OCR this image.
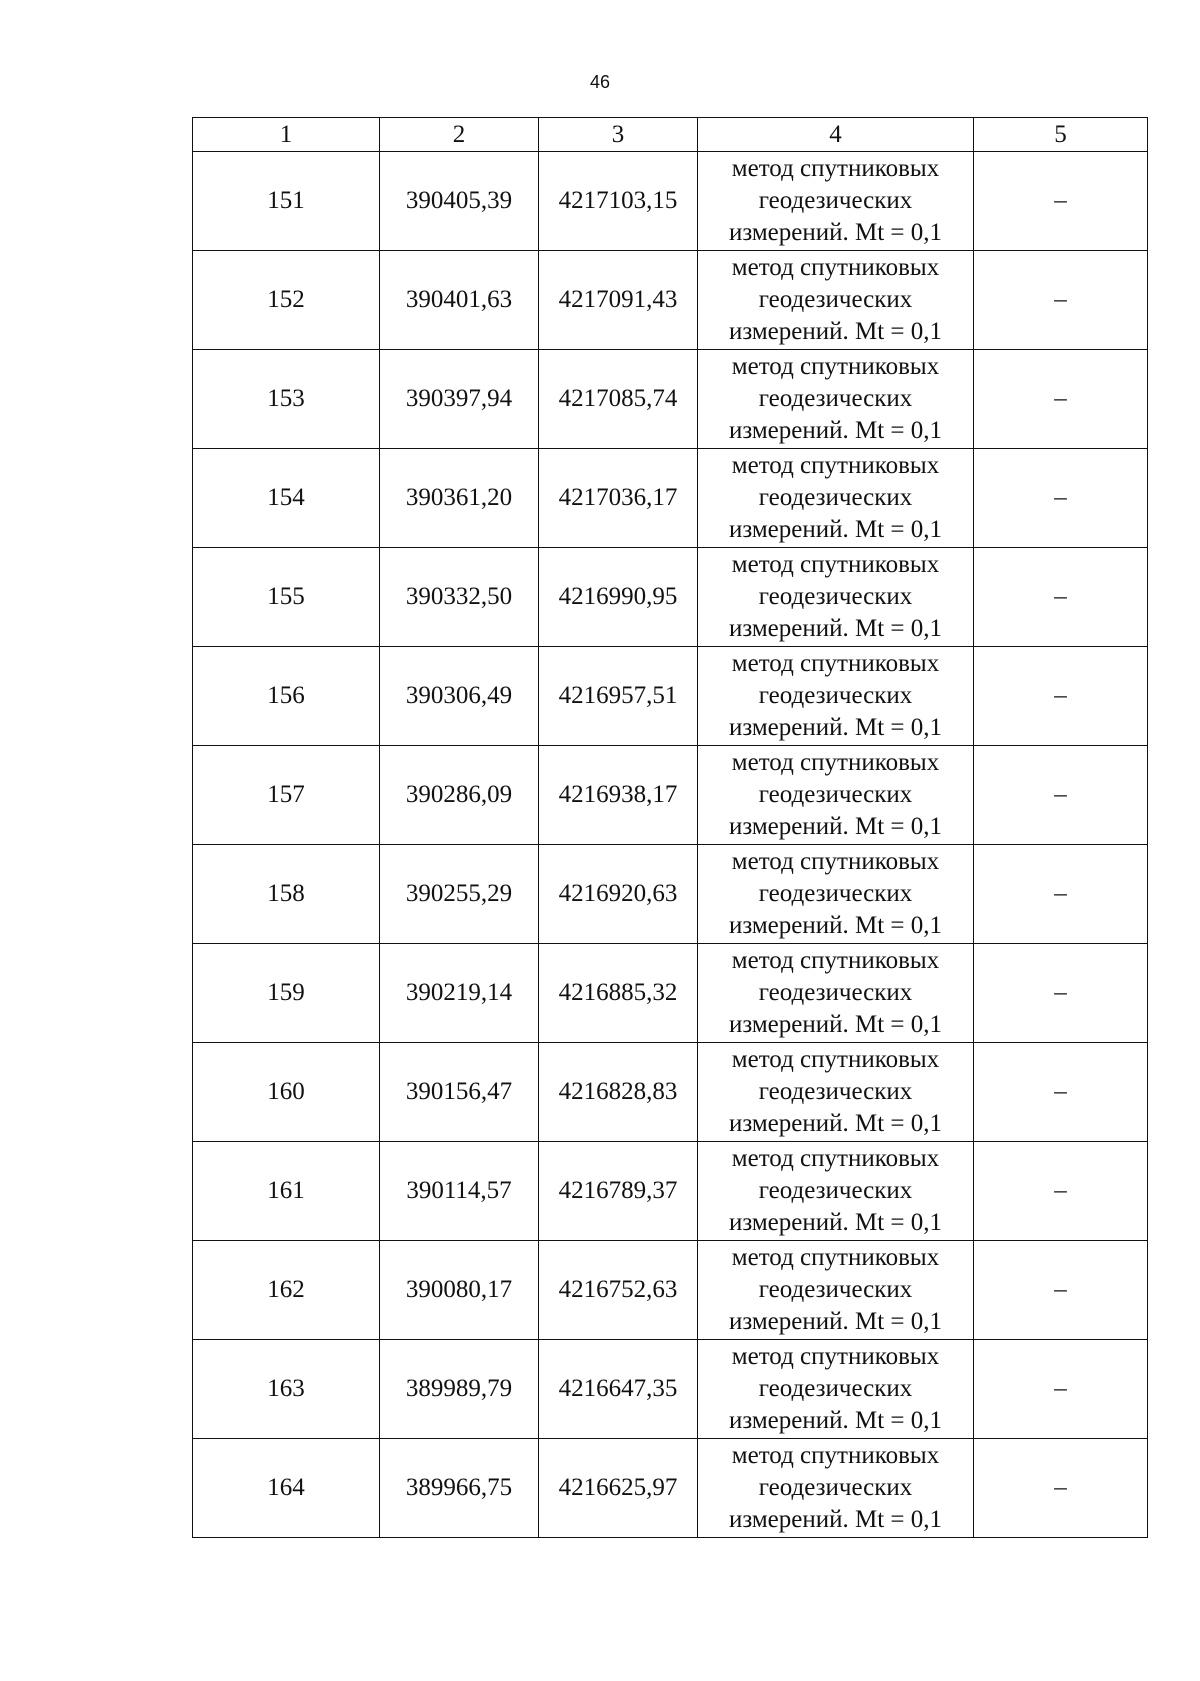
46
1	2	3	4	5
151	390405,39	4217103,15	метод спутниковых
геодезических
измерений. Mt = 0,1	–
152	390401,63	4217091,43	метод спутниковых
геодезических
измерений. Mt = 0,1	–
153	390397,94	4217085,74	метод спутниковых
геодезических
измерений. Mt = 0,1	–
154	390361,20	4217036,17	метод спутниковых
геодезических
измерений. Mt = 0,1	–
155	390332,50	4216990,95	метод спутниковых
геодезических
измерений. Mt = 0,1	–
156	390306,49	4216957,51	метод спутниковых
геодезических
измерений. Mt = 0,1	–
157	390286,09	4216938,17	метод спутниковых
геодезических
измерений. Mt = 0,1	–
158	390255,29	4216920,63	метод спутниковых
геодезических
измерений. Mt = 0,1	–
159	390219,14	4216885,32	метод спутниковых
геодезических
измерений. Mt = 0,1	–
160	390156,47	4216828,83	метод спутниковых
геодезических
измерений. Mt = 0,1	–
161	390114,57	4216789,37	метод спутниковых
геодезических
измерений. Mt = 0,1	–
162	390080,17	4216752,63	метод спутниковых
геодезических
измерений. Mt = 0,1	–
163	389989,79	4216647,35	метод спутниковых
геодезических
измерений. Mt = 0,1	–
164	389966,75	4216625,97	метод спутниковых
геодезических
измерений. Mt = 0,1	–
